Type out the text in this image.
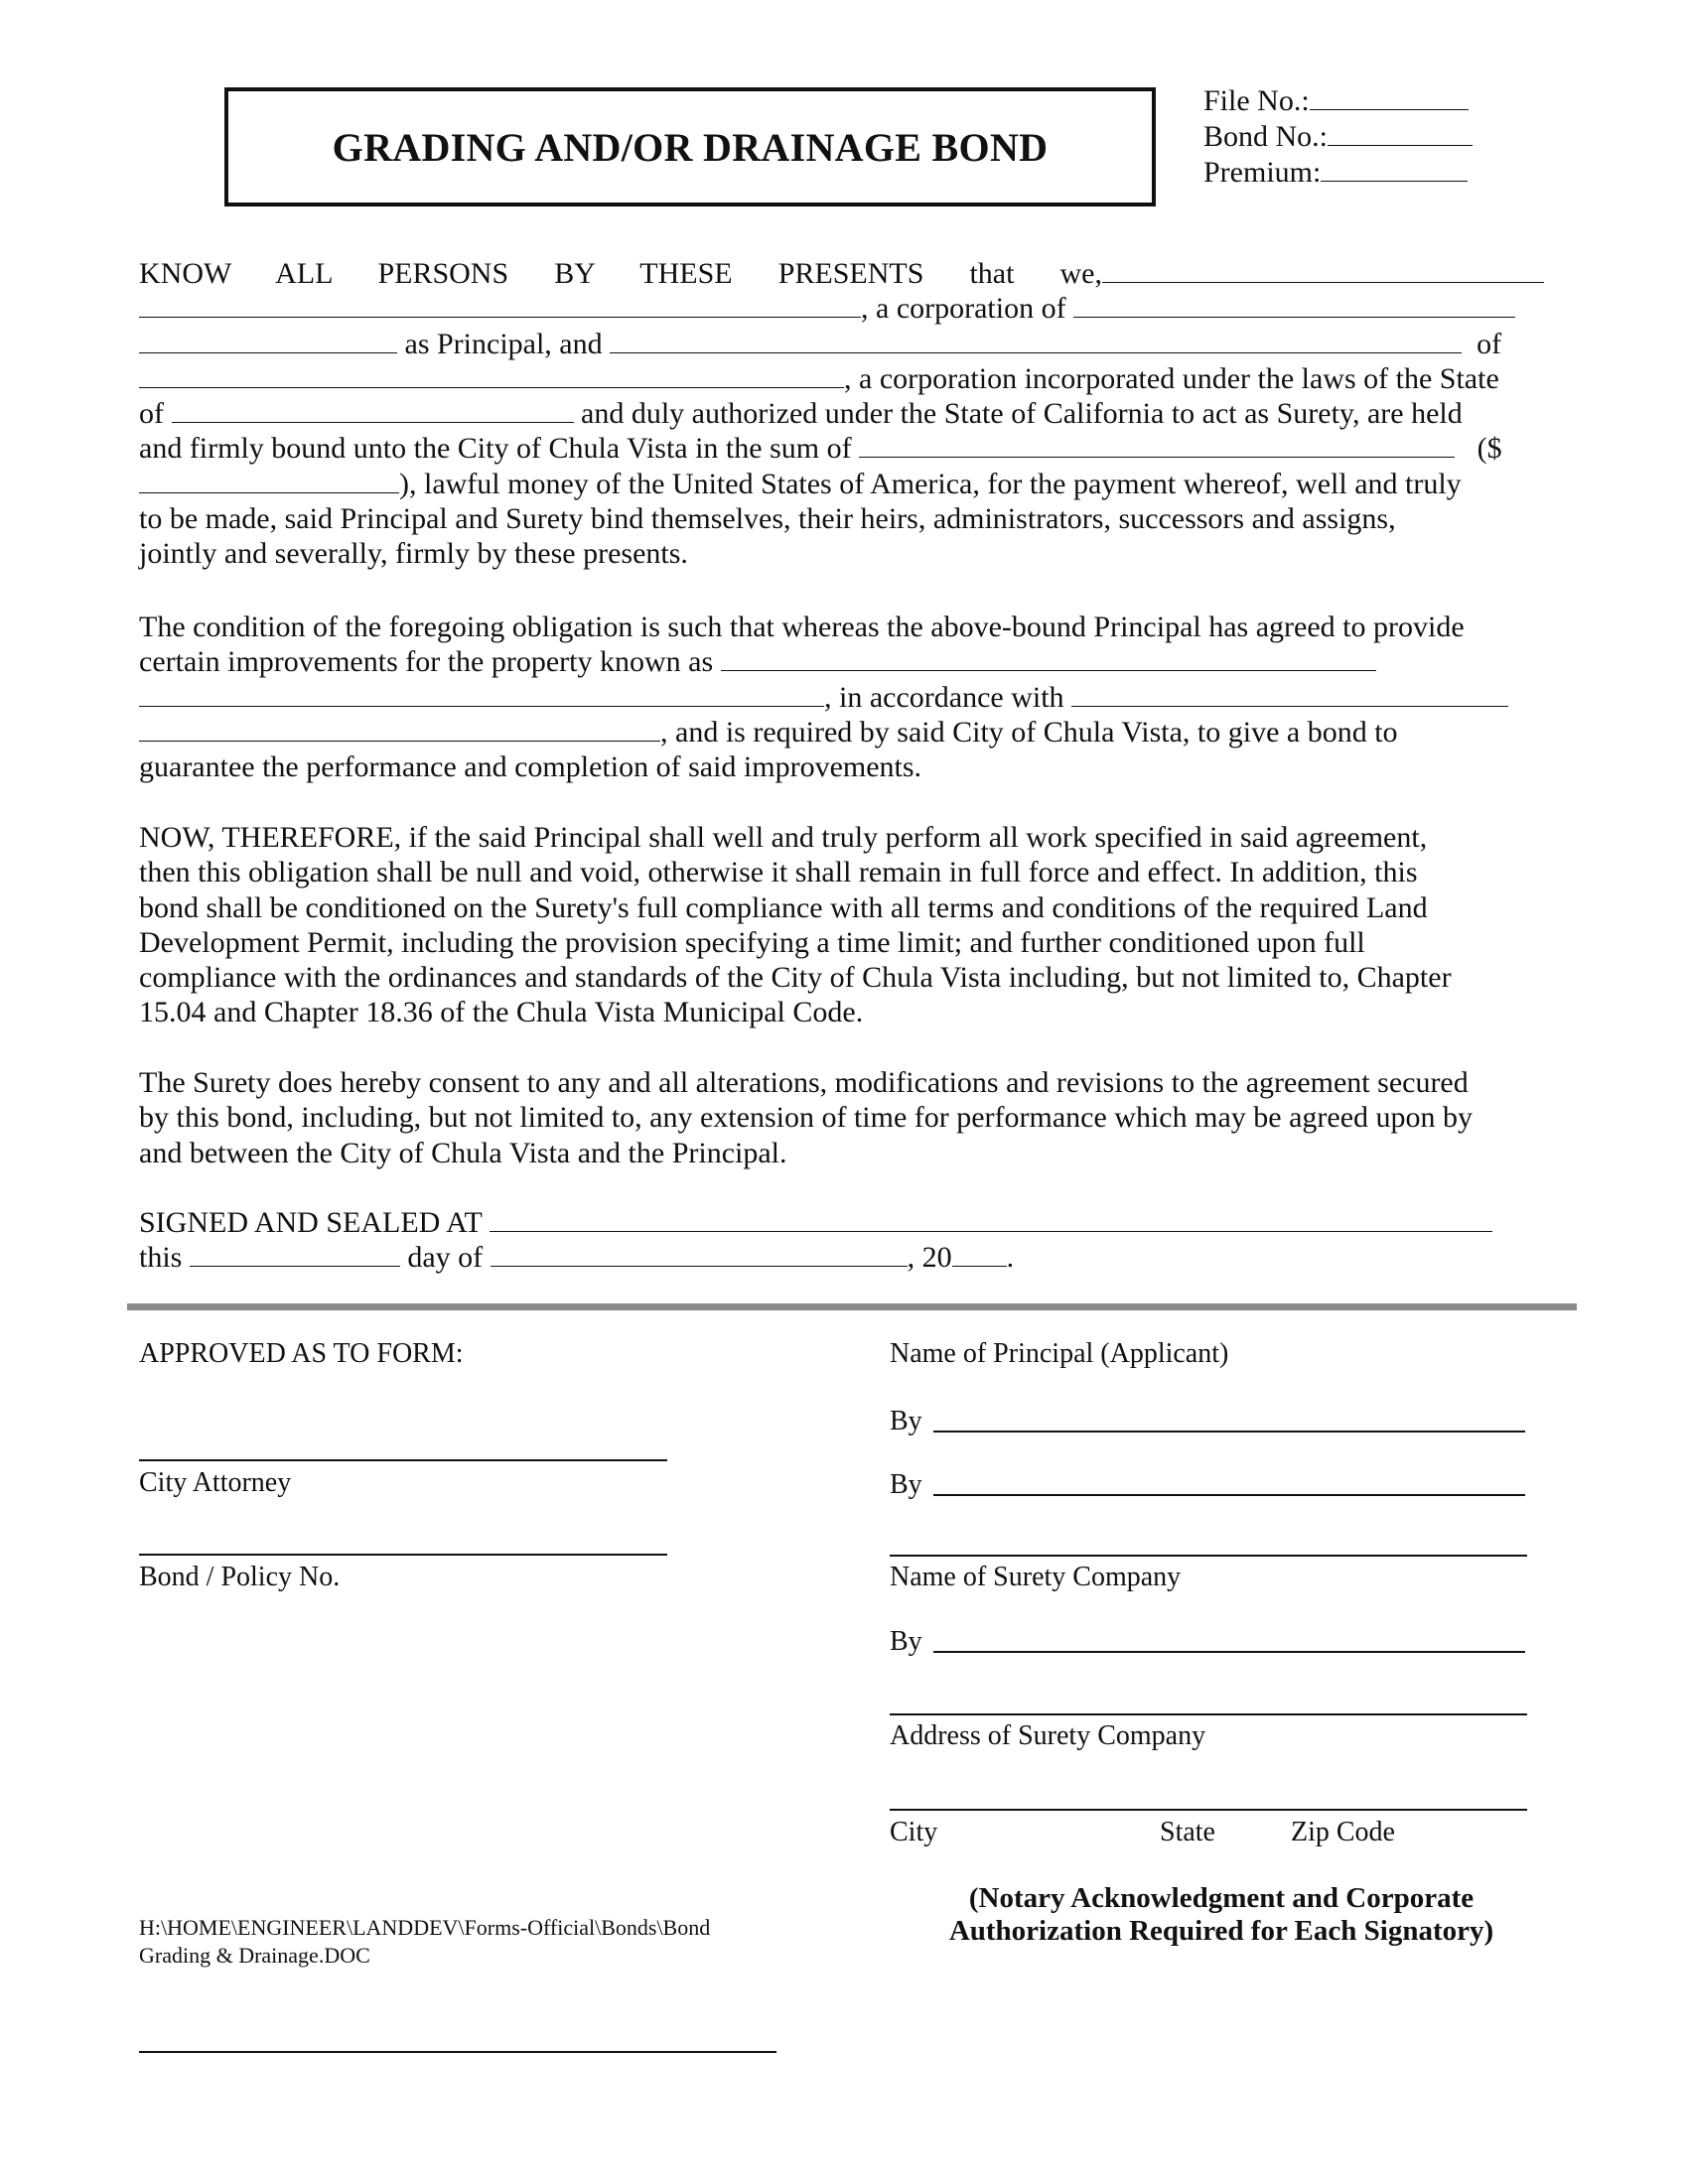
GRADING AND/OR DRAINAGE BOND
File No.:
Bond No.:
Premium:
KNOW ALL PERSONS BY THESE PRESENTS that we,
, a corporation of
as Principal, and	of
, a corporation incorporated under the laws of the State
of	and duly authorized under the State of California to act as Surety, are held
and firmly bound unto the City of Chula Vista in the sum of	($
), lawful money of the United States of America, for the payment whereof, well and truly
to be made, said Principal and Surety bind themselves, their heirs, administrators, successors and assigns,
jointly and severally, firmly by these presents.
The condition of the foregoing obligation is such that whereas the above-bound Principal has agreed to provide
certain improvements for the property known as
, in accordance with
, and is required by said City of Chula Vista, to give a bond to
guarantee the performance and completion of said improvements.
NOW, THEREFORE, if the said Principal shall well and truly perform all work specified in said agreement,
then this obligation shall be null and void, otherwise it shall remain in full force and effect. In addition, this
bond shall be conditioned on the Surety's full compliance with all terms and conditions of the required Land
Development Permit, including the provision specifying a time limit; and further conditioned upon full
compliance with the ordinances and standards of the City of Chula Vista including, but not limited to, Chapter
15.04 and Chapter 18.36 of the Chula Vista Municipal Code.
The Surety does hereby consent to any and all alterations, modifications and revisions to the agreement secured
by this bond, including, but not limited to, any extension of time for performance which may be agreed upon by
and between the City of Chula Vista and the Principal.
SIGNED AND SEALED AT
this	day of	, 20 .
APPROVED AS TO FORM:
City Attorney
Bond / Policy No.
Name of Principal (Applicant)
By
By
Name of Surety Company
By
Address of Surety Company
City	State	Zip Code
(Notary Acknowledgment and Corporate
Authorization Required for Each Signatory)
H:\HOME\ENGINEER\LANDDEV\Forms-Official\Bonds\Bond
Grading & Drainage.DOC
